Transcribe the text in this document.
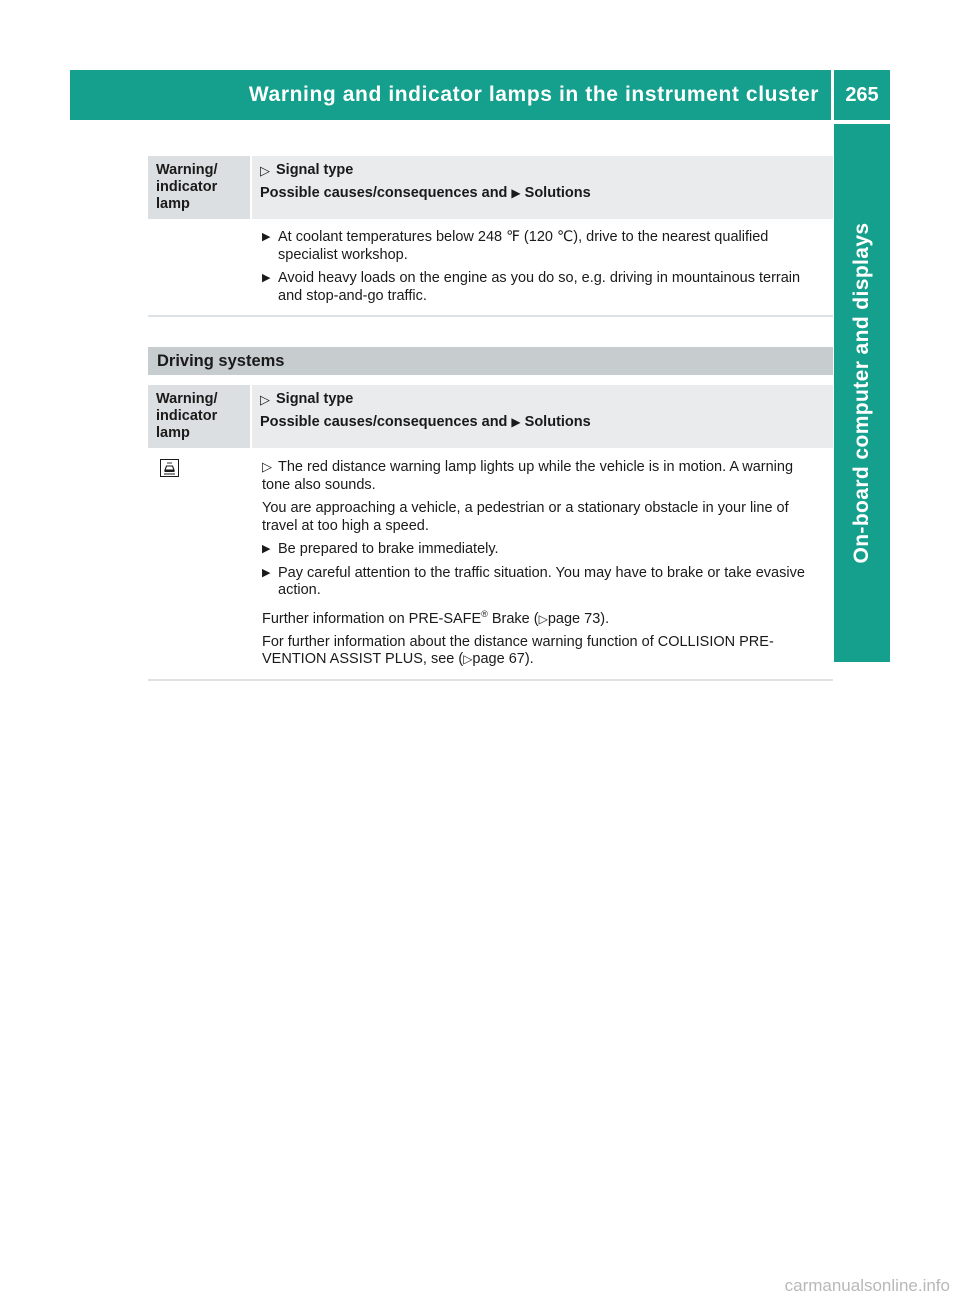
Warning and indicator lamps in the instrument cluster	265
On-board computer and displays
Warning/ indicator lamp
▷ Signal type
Possible causes/consequences and ▶ Solutions
▶ At coolant temperatures below 248 ℉ (120 ℃), drive to the nearest qualified specialist workshop.
▶ Avoid heavy loads on the engine as you do so, e.g. driving in mountainous terrain and stop-and-go traffic.
Driving systems
Warning/ indicator lamp
▷ Signal type
Possible causes/consequences and ▶ Solutions
▷ The red distance warning lamp lights up while the vehicle is in motion. A warning tone also sounds.
You are approaching a vehicle, a pedestrian or a stationary obstacle in your line of travel at too high a speed.
▶ Be prepared to brake immediately.
▶ Pay careful attention to the traffic situation. You may have to brake or take evasive action.
Further information on PRE-SAFE® Brake (▷page 73).
For further information about the distance warning function of COLLISION PRE-VENTION ASSIST PLUS, see (▷page 67).
carmanualsonline.info
